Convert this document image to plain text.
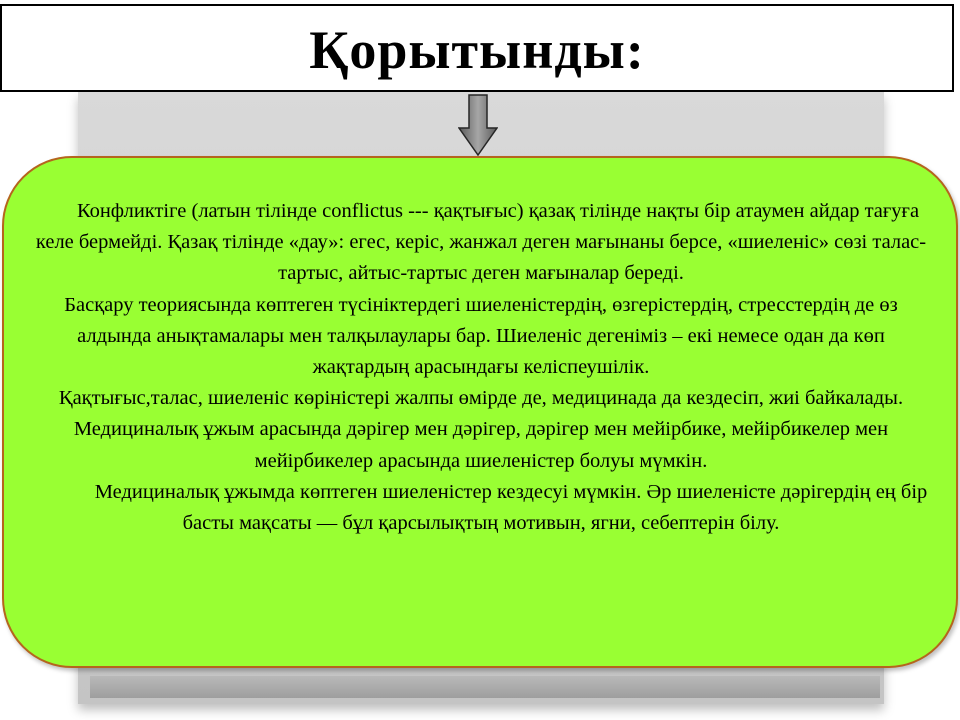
Қорытынды:

Конфликтіге (латын тілінде conflictus --- қақтығыс) қазақ тілінде нақты бір атаумен айдар тағуға келе бермейді. Қазақ тілінде «дау»: егес, керіс, жанжал деген мағынаны берсе, «шиеленіс» сөзі талас-тартыс, айтыс-тартыс деген мағыналар береді.

Басқару теориясында көптеген түсініктердегі шиеленістердің, өзгерістердің, стресстердің де өз алдында анықтамалары мен талқылаулары бар. Шиеленіс дегеніміз – екі немесе одан да көп жақтардың арасындағы келіспеушілік.

Қақтығыс,талас, шиеленіс көріністері жалпы өмірде де, медицинада да кездесіп, жиі байкалады. Медициналық ұжым арасында дәрігер мен дәрігер, дәрігер мен мейірбике, мейірбикелер мен мейірбикелер арасында шиеленістер болуы мүмкін.

Медициналық ұжымда көптеген шиеленістер кездесуі мүмкін. Әр шиеленісте дәрігердің ең бір басты мақсаты — бұл қарсылықтың мотивын, ягни, себептерін білу.
